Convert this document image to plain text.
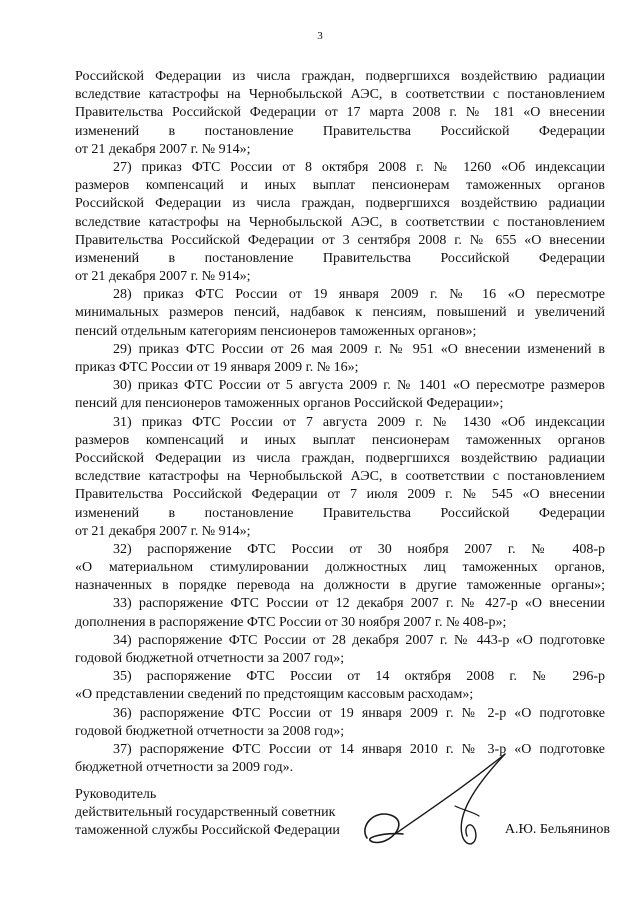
3
Российской Федерации из числа граждан, подвергшихся воздействию радиации
вследствие катастрофы на Чернобыльской АЭС, в соответствии с постановлением
Правительства Российской Федерации от 17 марта 2008 г. № 181 «О внесении
изменений в постановление Правительства Российской Федерации
от 21 декабря 2007 г. № 914»;
27) приказ ФТС России от 8 октября 2008 г. № 1260 «Об индексации
размеров компенсаций и иных выплат пенсионерам таможенных органов
Российской Федерации из числа граждан, подвергшихся воздействию радиации
вследствие катастрофы на Чернобыльской АЭС, в соответствии с постановлением
Правительства Российской Федерации от 3 сентября 2008 г. № 655 «О внесении
изменений в постановление Правительства Российской Федерации
от 21 декабря 2007 г. № 914»;
28) приказ ФТС России от 19 января 2009 г. № 16 «О пересмотре
минимальных размеров пенсий, надбавок к пенсиям, повышений и увеличений
пенсий отдельным категориям пенсионеров таможенных органов»;
29) приказ ФТС России от 26 мая 2009 г. № 951 «О внесении изменений в
приказ ФТС России от 19 января 2009 г. № 16»;
30) приказ ФТС России от 5 августа 2009 г. № 1401 «О пересмотре размеров
пенсий для пенсионеров таможенных органов Российской Федерации»;
31) приказ ФТС России от 7 августа 2009 г. № 1430 «Об индексации
размеров компенсаций и иных выплат пенсионерам таможенных органов
Российской Федерации из числа граждан, подвергшихся воздействию радиации
вследствие катастрофы на Чернобыльской АЭС, в соответствии с постановлением
Правительства Российской Федерации от 7 июля 2009 г. № 545 «О внесении
изменений в постановление Правительства Российской Федерации
от 21 декабря 2007 г. № 914»;
32) распоряжение ФТС России от 30 ноября 2007 г. № 408-р
«О материальном стимулировании должностных лиц таможенных органов,
назначенных в порядке перевода на должности в другие таможенные органы»;
33) распоряжение ФТС России от 12 декабря 2007 г. № 427-р «О внесении
дополнения в распоряжение ФТС России от 30 ноября 2007 г. № 408-р»;
34) распоряжение ФТС России от 28 декабря 2007 г. № 443-р «О подготовке
годовой бюджетной отчетности за 2007 год»;
35) распоряжение ФТС России от 14 октября 2008 г. № 296-р
«О представлении сведений по предстоящим кассовым расходам»;
36) распоряжение ФТС России от 19 января 2009 г. № 2-р «О подготовке
годовой бюджетной отчетности за 2008 год»;
37) распоряжение ФТС России от 14 января 2010 г. № 3-р «О подготовке
бюджетной отчетности за 2009 год».
Руководитель
действительный государственный советник
таможенной службы Российской Федерации	А.Ю. Бельянинов
